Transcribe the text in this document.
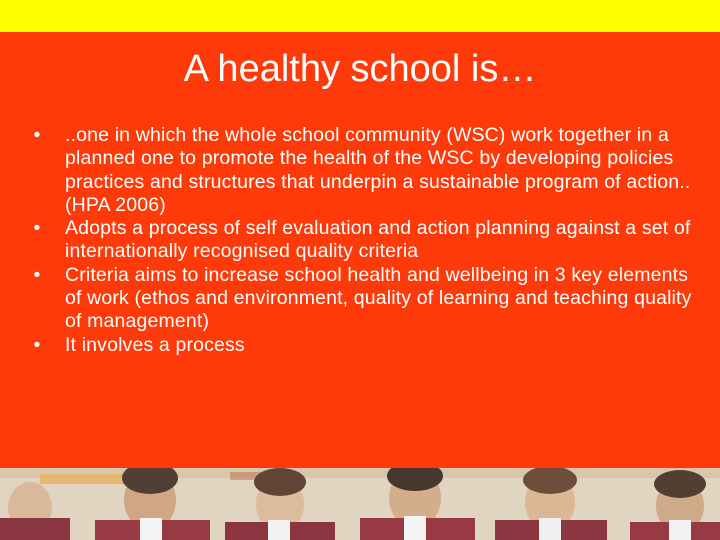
A healthy school is…
• ..one in which the whole school community (WSC) work together in a planned one to promote the health of the WSC by developing policies practices and structures that underpin a sustainable program of action.. (HPA 2006)
• Adopts a process of self evaluation and action planning against a set of internationally recognised quality criteria
• Criteria aims to increase school health and wellbeing in 3 key elements of work (ethos and environment, quality of learning and teaching quality of management)
• It involves a process
